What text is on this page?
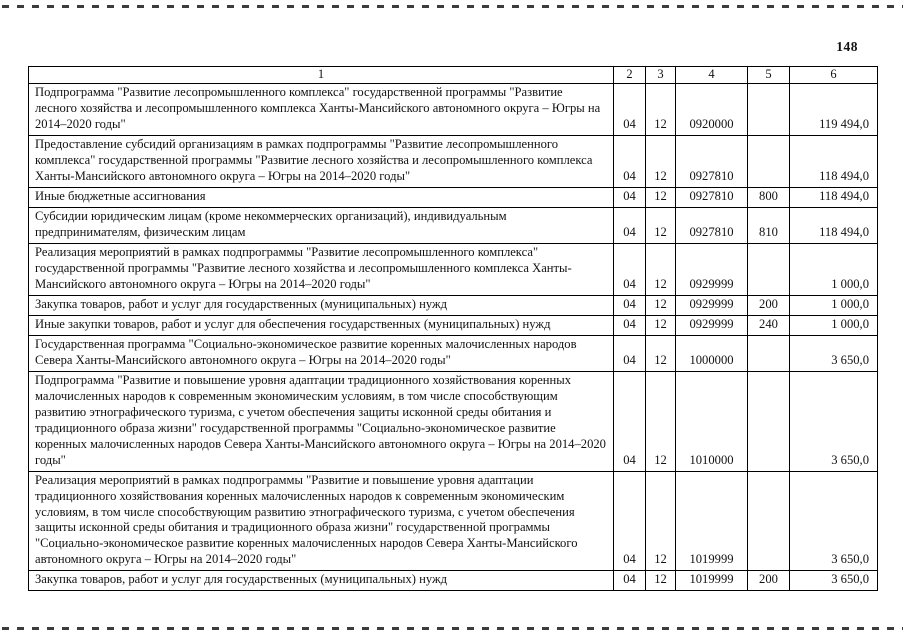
148
1	2	3	4	5	6
Подпрограмма "Развитие лесопромышленного комплекса" государственной программы "Развитие лесного хозяйства и лесопромышленного комплекса Ханты-Мансийского автономного округа – Югры на 2014–2020 годы"	04	12	0920000		119 494,0
Предоставление субсидий организациям в рамках подпрограммы "Развитие лесопромышленного комплекса" государственной программы "Развитие лесного хозяйства и лесопромышленного комплекса Ханты-Мансийского автономного округа – Югры на 2014–2020 годы"	04	12	0927810		118 494,0
Иные бюджетные ассигнования	04	12	0927810	800	118 494,0
Субсидии юридическим лицам (кроме некоммерческих организаций), индивидуальным предпринимателям, физическим лицам	04	12	0927810	810	118 494,0
Реализация мероприятий в рамках подпрограммы "Развитие лесопромышленного комплекса" государственной программы "Развитие лесного хозяйства и лесопромышленного комплекса Ханты-Мансийского автономного округа – Югры на 2014–2020 годы"	04	12	0929999		1 000,0
Закупка товаров, работ и услуг для государственных (муниципальных) нужд	04	12	0929999	200	1 000,0
Иные закупки товаров, работ и услуг для обеспечения государственных (муниципальных) нужд	04	12	0929999	240	1 000,0
Государственная программа "Социально-экономическое развитие коренных малочисленных народов Севера Ханты-Мансийского автономного округа – Югры на 2014–2020 годы"	04	12	1000000		3 650,0
Подпрограмма "Развитие и повышение уровня адаптации традиционного хозяйствования коренных малочисленных народов к современным экономическим условиям, в том числе способствующим развитию этнографического туризма, с учетом обеспечения защиты исконной среды обитания и традиционного образа жизни" государственной программы "Социально-экономическое развитие коренных малочисленных народов Севера Ханты-Мансийского автономного округа – Югры на 2014–2020 годы"	04	12	1010000		3 650,0
Реализация мероприятий в рамках подпрограммы "Развитие и повышение уровня адаптации традиционного хозяйствования коренных малочисленных народов к современным экономическим условиям, в том числе способствующим развитию этнографического туризма, с учетом обеспечения защиты исконной среды обитания и традиционного образа жизни" государственной программы "Социально-экономическое развитие коренных малочисленных народов Севера Ханты-Мансийского автономного округа – Югры на 2014–2020 годы"	04	12	1019999		3 650,0
Закупка товаров, работ и услуг для государственных (муниципальных) нужд	04	12	1019999	200	3 650,0
